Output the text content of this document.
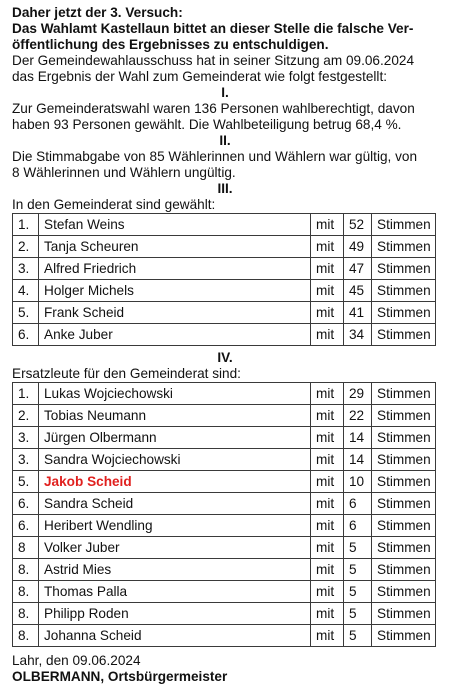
Daher jetzt der 3. Versuch:

Das Wahlamt Kastellaun bittet an dieser Stelle die falsche Ver-

öffentlichung des Ergebnisses zu entschuldigen.

Der Gemeindewahlausschuss hat in seiner Sitzung am 09.06.2024

das Ergebnis der Wahl zum Gemeinderat wie folgt festgestellt:

I.

Zur Gemeinderatswahl waren 136 Personen wahlberechtigt, davon

haben 93 Personen gewählt. Die Wahlbeteiligung betrug 68,4 %.

II.

Die Stimmabgabe von 85 Wählerinnen und Wählern war gültig, von

8 Wählerinnen und Wählern ungültig.

III.

In den Gemeinderat sind gewählt:

1.	Stefan Weins	mit	52	Stimmen
2.	Tanja Scheuren	mit	49	Stimmen
3.	Alfred Friedrich	mit	47	Stimmen
4.	Holger Michels	mit	45	Stimmen
5.	Frank Scheid	mit	41	Stimmen
6.	Anke Juber	mit	34	Stimmen

IV.

Ersatzleute für den Gemeinderat sind:

1.	Lukas Wojciechowski	mit	29	Stimmen
2.	Tobias Neumann	mit	22	Stimmen
3.	Jürgen Olbermann	mit	14	Stimmen
3.	Sandra Wojciechowski	mit	14	Stimmen
5.	Jakob Scheid	mit	10	Stimmen
6.	Sandra Scheid	mit	6	Stimmen
6.	Heribert Wendling	mit	6	Stimmen
8	Volker Juber	mit	5	Stimmen
8.	Astrid Mies	mit	5	Stimmen
8.	Thomas Palla	mit	5	Stimmen
8.	Philipp Roden	mit	5	Stimmen
8.	Johanna Scheid	mit	5	Stimmen

Lahr, den 09.06.2024

OLBERMANN, Ortsbürgermeister
